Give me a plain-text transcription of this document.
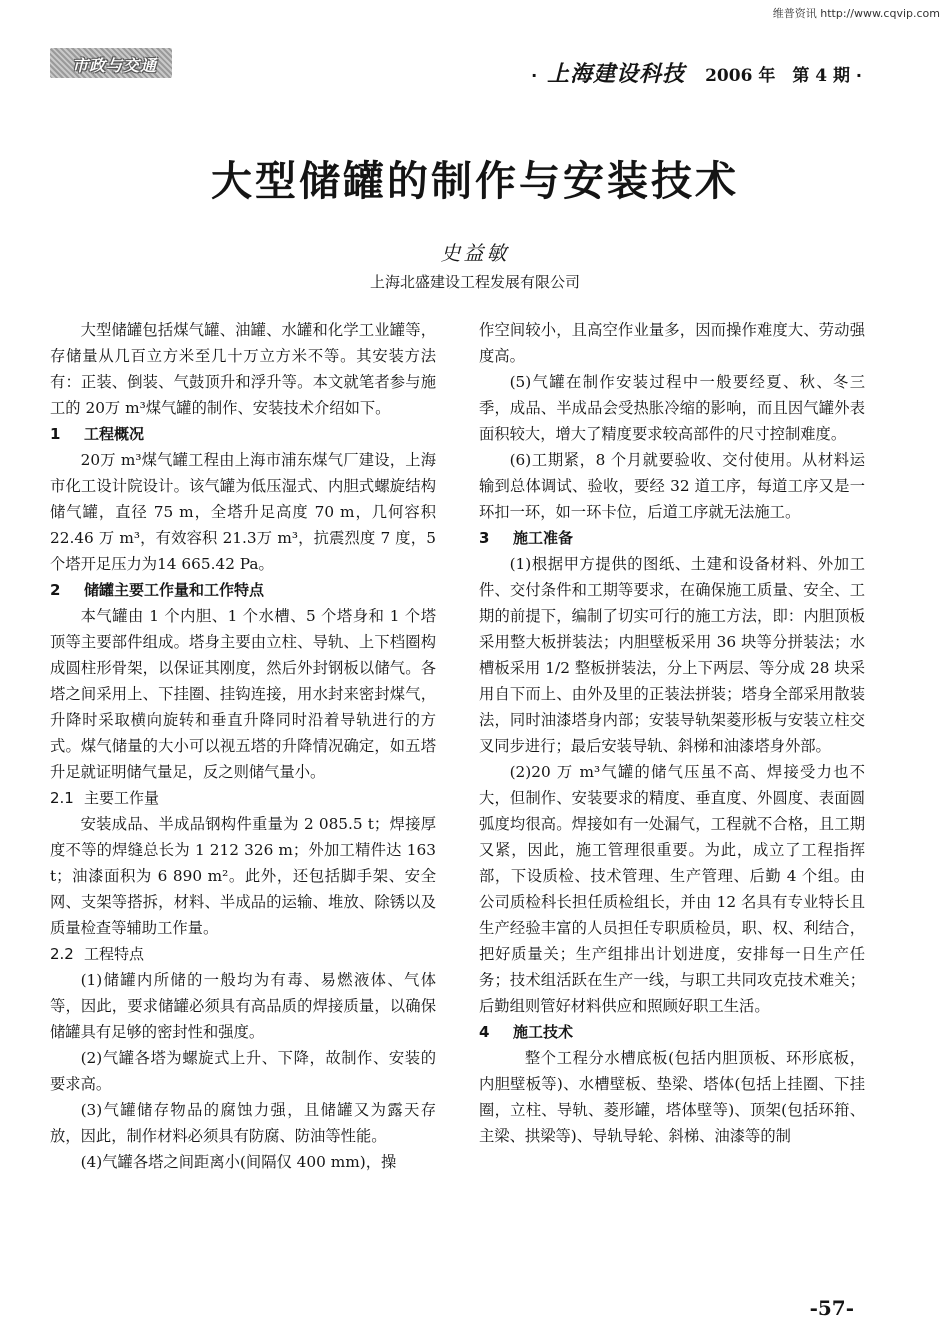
维普资讯 http://www.cqvip.com
市政与交通
· 上海建设科技 2006 年　第 4 期 ·
大型储罐的制作与安装技术
史益敏
上海北盛建设工程发展有限公司

大型储罐包括煤气罐、油罐、水罐和化学工业罐等，存储量从几百立方米至几十万立方米不等。其安装方法有：正装、倒装、气鼓顶升和浮升等。本文就笔者参与施工的 20万 m³煤气罐的制作、安装技术介绍如下。

1 工程概况

20万 m³煤气罐工程由上海市浦东煤气厂建设，上海市化工设计院设计。该气罐为低压湿式、内胆式螺旋结构储气罐，直径 75 m，全塔升足高度 70 m，几何容积 22.46 万 m³，有效容积 21.3万 m³，抗震烈度 7 度，5 个塔开足压力为14 665.42 Pa。

2 储罐主要工作量和工作特点

本气罐由 1 个内胆、1 个水槽、5 个塔身和 1 个塔顶等主要部件组成。塔身主要由立柱、导轨、上下档圈构成圆柱形骨架，以保证其刚度，然后外封钢板以储气。各塔之间采用上、下挂圈、挂钩连接，用水封来密封煤气，升降时采取横向旋转和垂直升降同时沿着导轨进行的方式。煤气储量的大小可以视五塔的升降情况确定，如五塔升足就证明储气量足，反之则储气量小。

2.1 主要工作量

安装成品、半成品钢构件重量为 2 085.5 t；焊接厚度不等的焊缝总长为 1 212 326 m；外加工精件达 163 t；油漆面积为 6 890 m²。此外，还包括脚手架、安全网、支架等搭拆，材料、半成品的运输、堆放、除锈以及质量检查等辅助工作量。

2.2 工程特点

(1)储罐内所储的一般均为有毒、易燃液体、气体等，因此，要求储罐必须具有高品质的焊接质量，以确保储罐具有足够的密封性和强度。

(2)气罐各塔为螺旋式上升、下降，故制作、安装的要求高。

(3)气罐储存物品的腐蚀力强，且储罐又为露天存放，因此，制作材料必须具有防腐、防油等性能。

(4)气罐各塔之间距离小(间隔仅 400 mm)，操

作空间较小，且高空作业量多，因而操作难度大、劳动强度高。

(5)气罐在制作安装过程中一般要经夏、秋、冬三季，成品、半成品会受热胀冷缩的影响，而且因气罐外表面积较大，增大了精度要求较高部件的尺寸控制难度。

(6)工期紧，8 个月就要验收、交付使用。从材料运输到总体调试、验收，要经 32 道工序，每道工序又是一环扣一环，如一环卡位，后道工序就无法施工。

3 施工准备

(1)根据甲方提供的图纸、土建和设备材料、外加工件、交付条件和工期等要求，在确保施工质量、安全、工期的前提下，编制了切实可行的施工方法，即：内胆顶板采用整大板拼装法；内胆壁板采用 36 块等分拼装法；水槽板采用 1/2 整板拼装法，分上下两层、等分成 28 块采用自下而上、由外及里的正装法拼装；塔身全部采用散装法，同时油漆塔身内部；安装导轨架菱形板与安装立柱交叉同步进行；最后安装导轨、斜梯和油漆塔身外部。

(2)20 万 m³气罐的储气压虽不高、焊接受力也不大，但制作、安装要求的精度、垂直度、外圆度、表面圆弧度均很高。焊接如有一处漏气，工程就不合格，且工期又紧，因此，施工管理很重要。为此，成立了工程指挥部，下设质检、技术管理、生产管理、后勤 4 个组。由公司质检科长担任质检组长，并由 12 名具有专业特长且生产经验丰富的人员担任专职质检员，职、权、利结合，把好质量关；生产组排出计划进度，安排每一日生产任务；技术组活跃在生产一线，与职工共同攻克技术难关；后勤组则管好材料供应和照顾好职工生活。

4 施工技术

整个工程分水槽底板(包括内胆顶板、环形底板，内胆壁板等)、水槽壁板、垫梁、塔体(包括上挂圈、下挂圈，立柱、导轨、菱形罐，塔体壁等)、顶架(包括环箝、主梁、拱梁等)、导轨导轮、斜梯、油漆等的制

-57-
